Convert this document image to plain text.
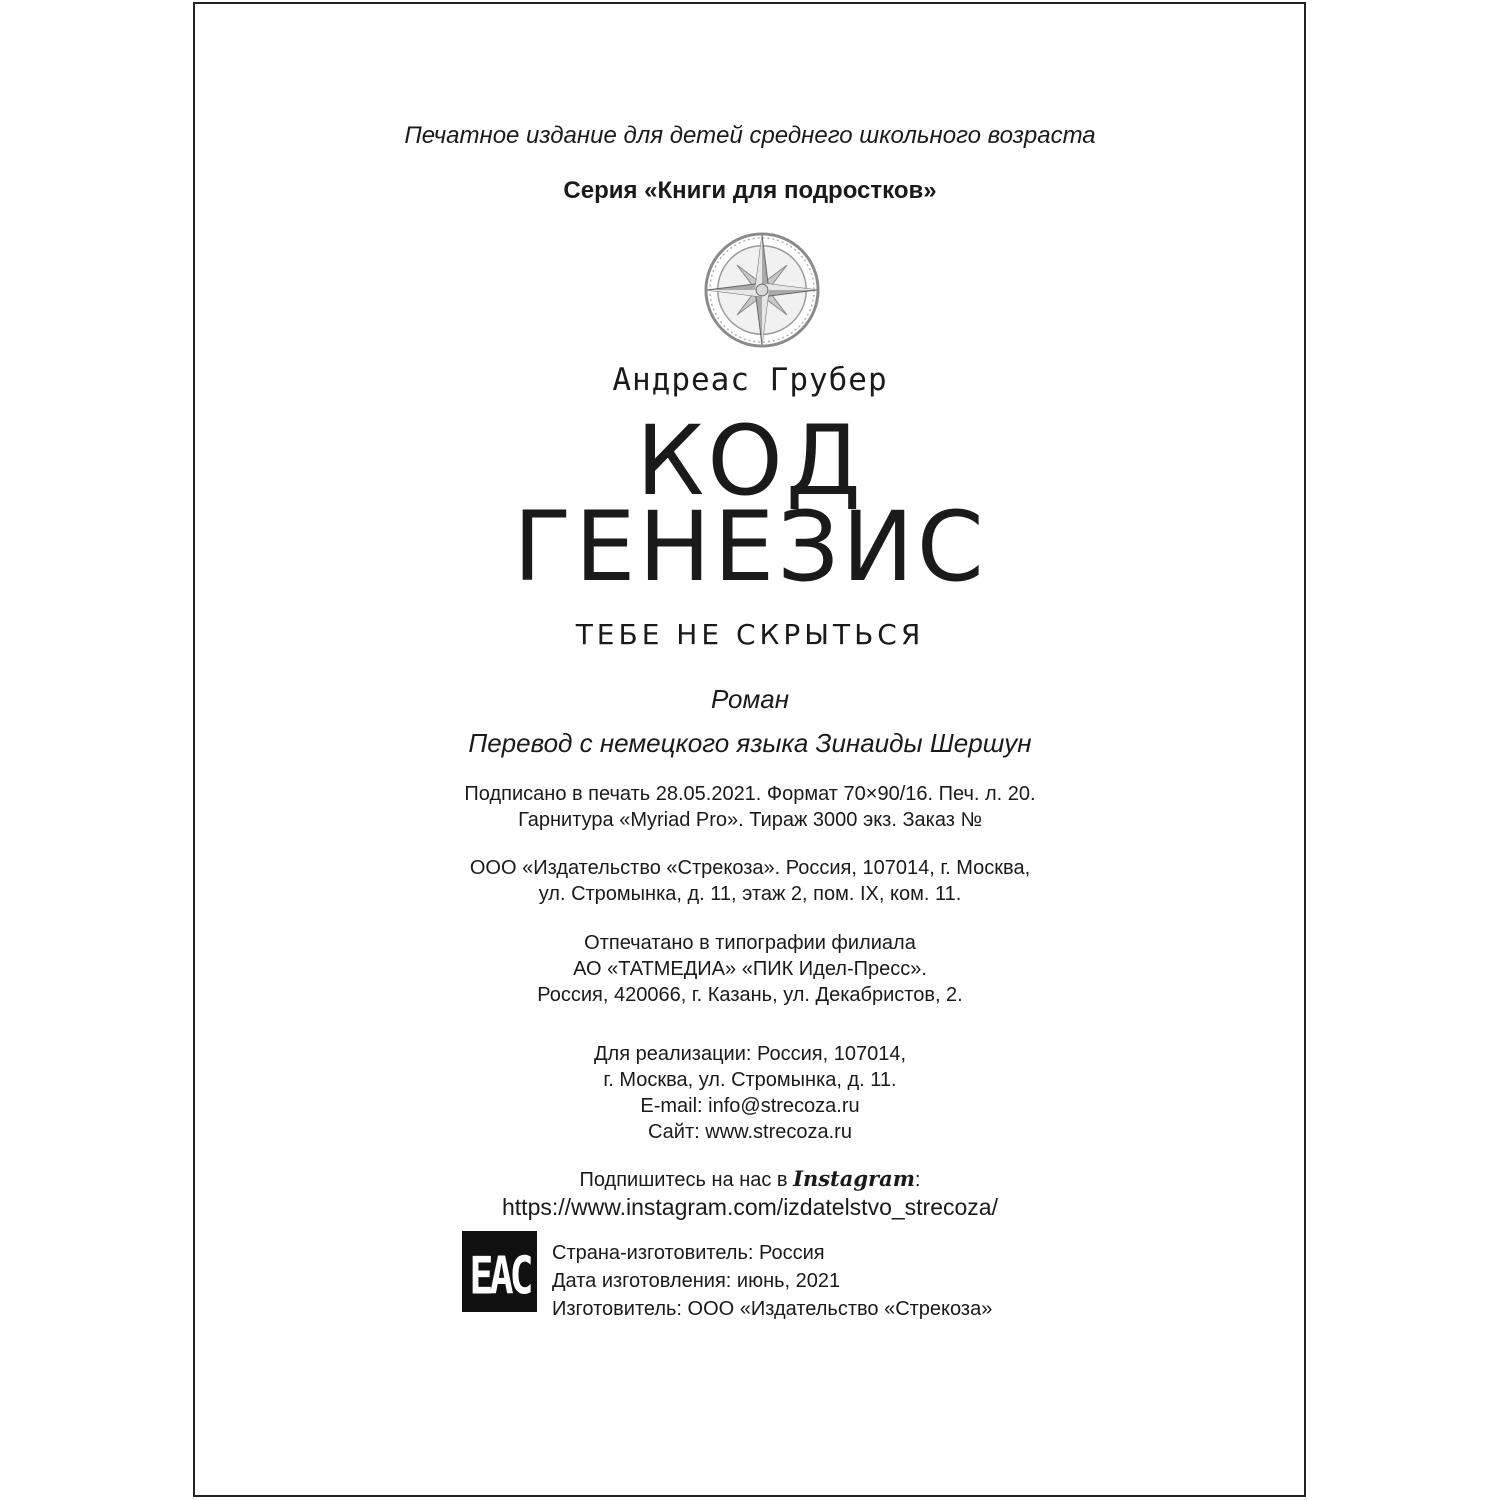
Печатное издание для детей среднего школьного возраста
Серия «Книги для подростков»
Андреас Грубер
КОД
ГЕНЕЗИС
ТЕБЕ НЕ СКРЫТЬСЯ
Роман
Перевод с немецкого языка Зинаиды Шершун
Подписано в печать 28.05.2021. Формат 70×90/16. Печ. л. 20.
Гарнитура «Myriad Pro». Тираж 3000 экз. Заказ №
ООО «Издательство «Стрекоза». Россия, 107014, г. Москва,
ул. Стромынка, д. 11, этаж 2, пом. IX, ком. 11.
Отпечатано в типографии филиала
АО «ТАТМЕДИА» «ПИК Идел-Пресс».
Россия, 420066, г. Казань, ул. Декабристов, 2.
Для реализации: Россия, 107014,
г. Москва, ул. Стромынка, д. 11.
E-mail: info@strecoza.ru
Сайт: www.strecoza.ru
Подпишитесь на нас в Instagram:
https://www.instagram.com/izdatelstvo_strecoza/
EAC Страна-изготовитель: Россия
Дата изготовления: июнь, 2021
Изготовитель: ООО «Издательство «Стрекоза»
